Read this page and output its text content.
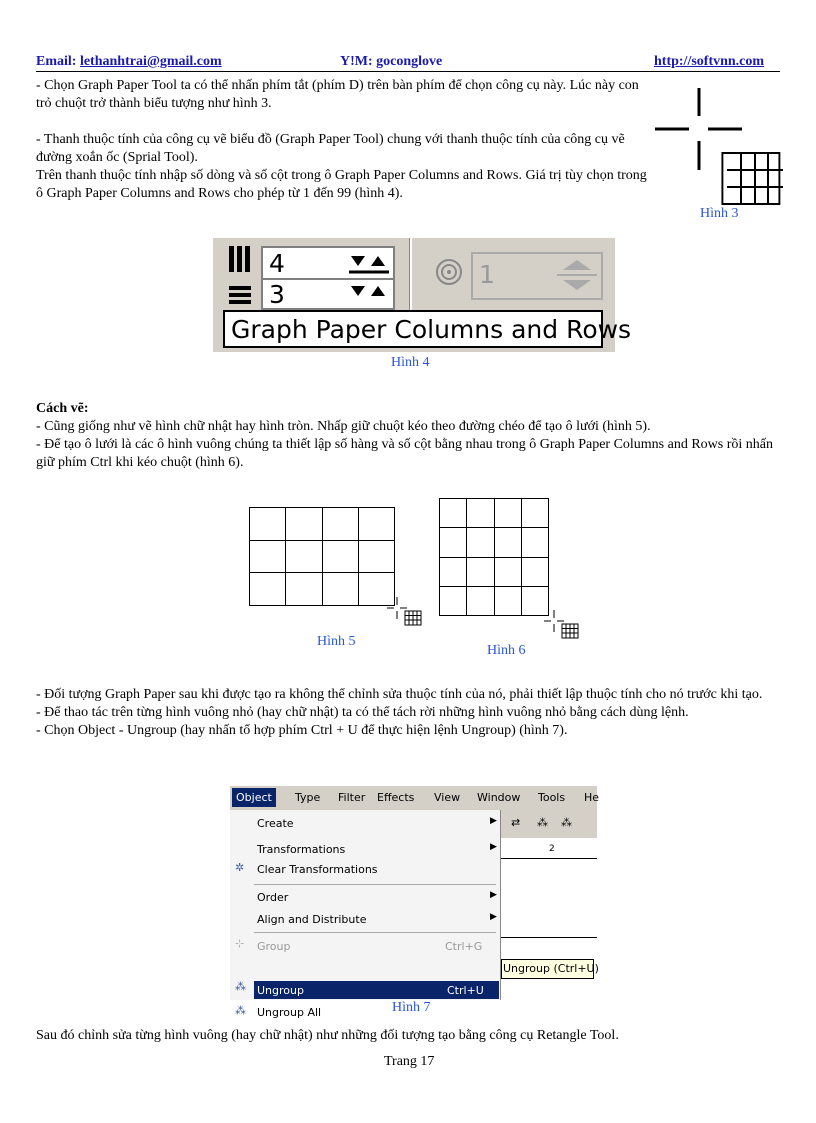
Email: lethanhtrai@gmail.com	Y!M: goconglove	http://softvnn.com

- Chọn Graph Paper Tool ta có thể nhấn phím tắt (phím D) trên bàn phím để chọn công cụ này. Lúc này con trỏ chuột trở thành biểu tượng như hình 3.

- Thanh thuộc tính của công cụ vẽ biểu đồ (Graph Paper Tool) chung với thanh thuộc tính của công cụ vẽ đường xoắn ốc (Sprial Tool).

Trên thanh thuộc tính nhập số dòng và số cột trong ô Graph Paper Columns and Rows. Giá trị tùy chọn trong ô Graph Paper Columns and Rows cho phép từ 1 đến 99 (hình 4).

Hình 3
4
3
1
Graph Paper Columns and Rows
Hình 4

Cách vẽ:

- Cũng giống như vẽ hình chữ nhật hay hình tròn. Nhấp giữ chuột kéo theo đường chéo để tạo ô lưới (hình 5).

- Để tạo ô lưới là các ô hình vuông chúng ta thiết lập số hàng và số cột bằng nhau trong ô Graph Paper Columns and Rows rồi nhấn giữ phím Ctrl khi kéo chuột (hình 6).

Hình 5

Hình 6

- Đối tượng Graph Paper sau khi được tạo ra không thể chỉnh sửa thuộc tính của nó, phải thiết lập thuộc tính cho nó trước khi tạo.

- Để thao tác trên từng hình vuông nhỏ (hay chữ nhật) ta có thể tách rời những hình vuông nhỏ bằng cách dùng lệnh.

- Chọn Object - Ungroup (hay nhấn tổ hợp phím Ctrl + U để thực hiện lệnh Ungroup) (hình 7).

Object	Type Filter Effects View Window Tools He
Create	▶
Transformations	▶
✲ Clear Transformations
Order	▶
Align and Distribute	▶
⊹ Group	Ctrl+G
⁂ Ungroup	Ctrl+U
⁂ Ungroup All
⇄ ⁂ ⁂
2
Ungroup (Ctrl+U)
Hình 7
Sau đó chỉnh sửa từng hình vuông (hay chữ nhật) như những đối tượng tạo bằng công cụ Retangle Tool.
Trang 17
